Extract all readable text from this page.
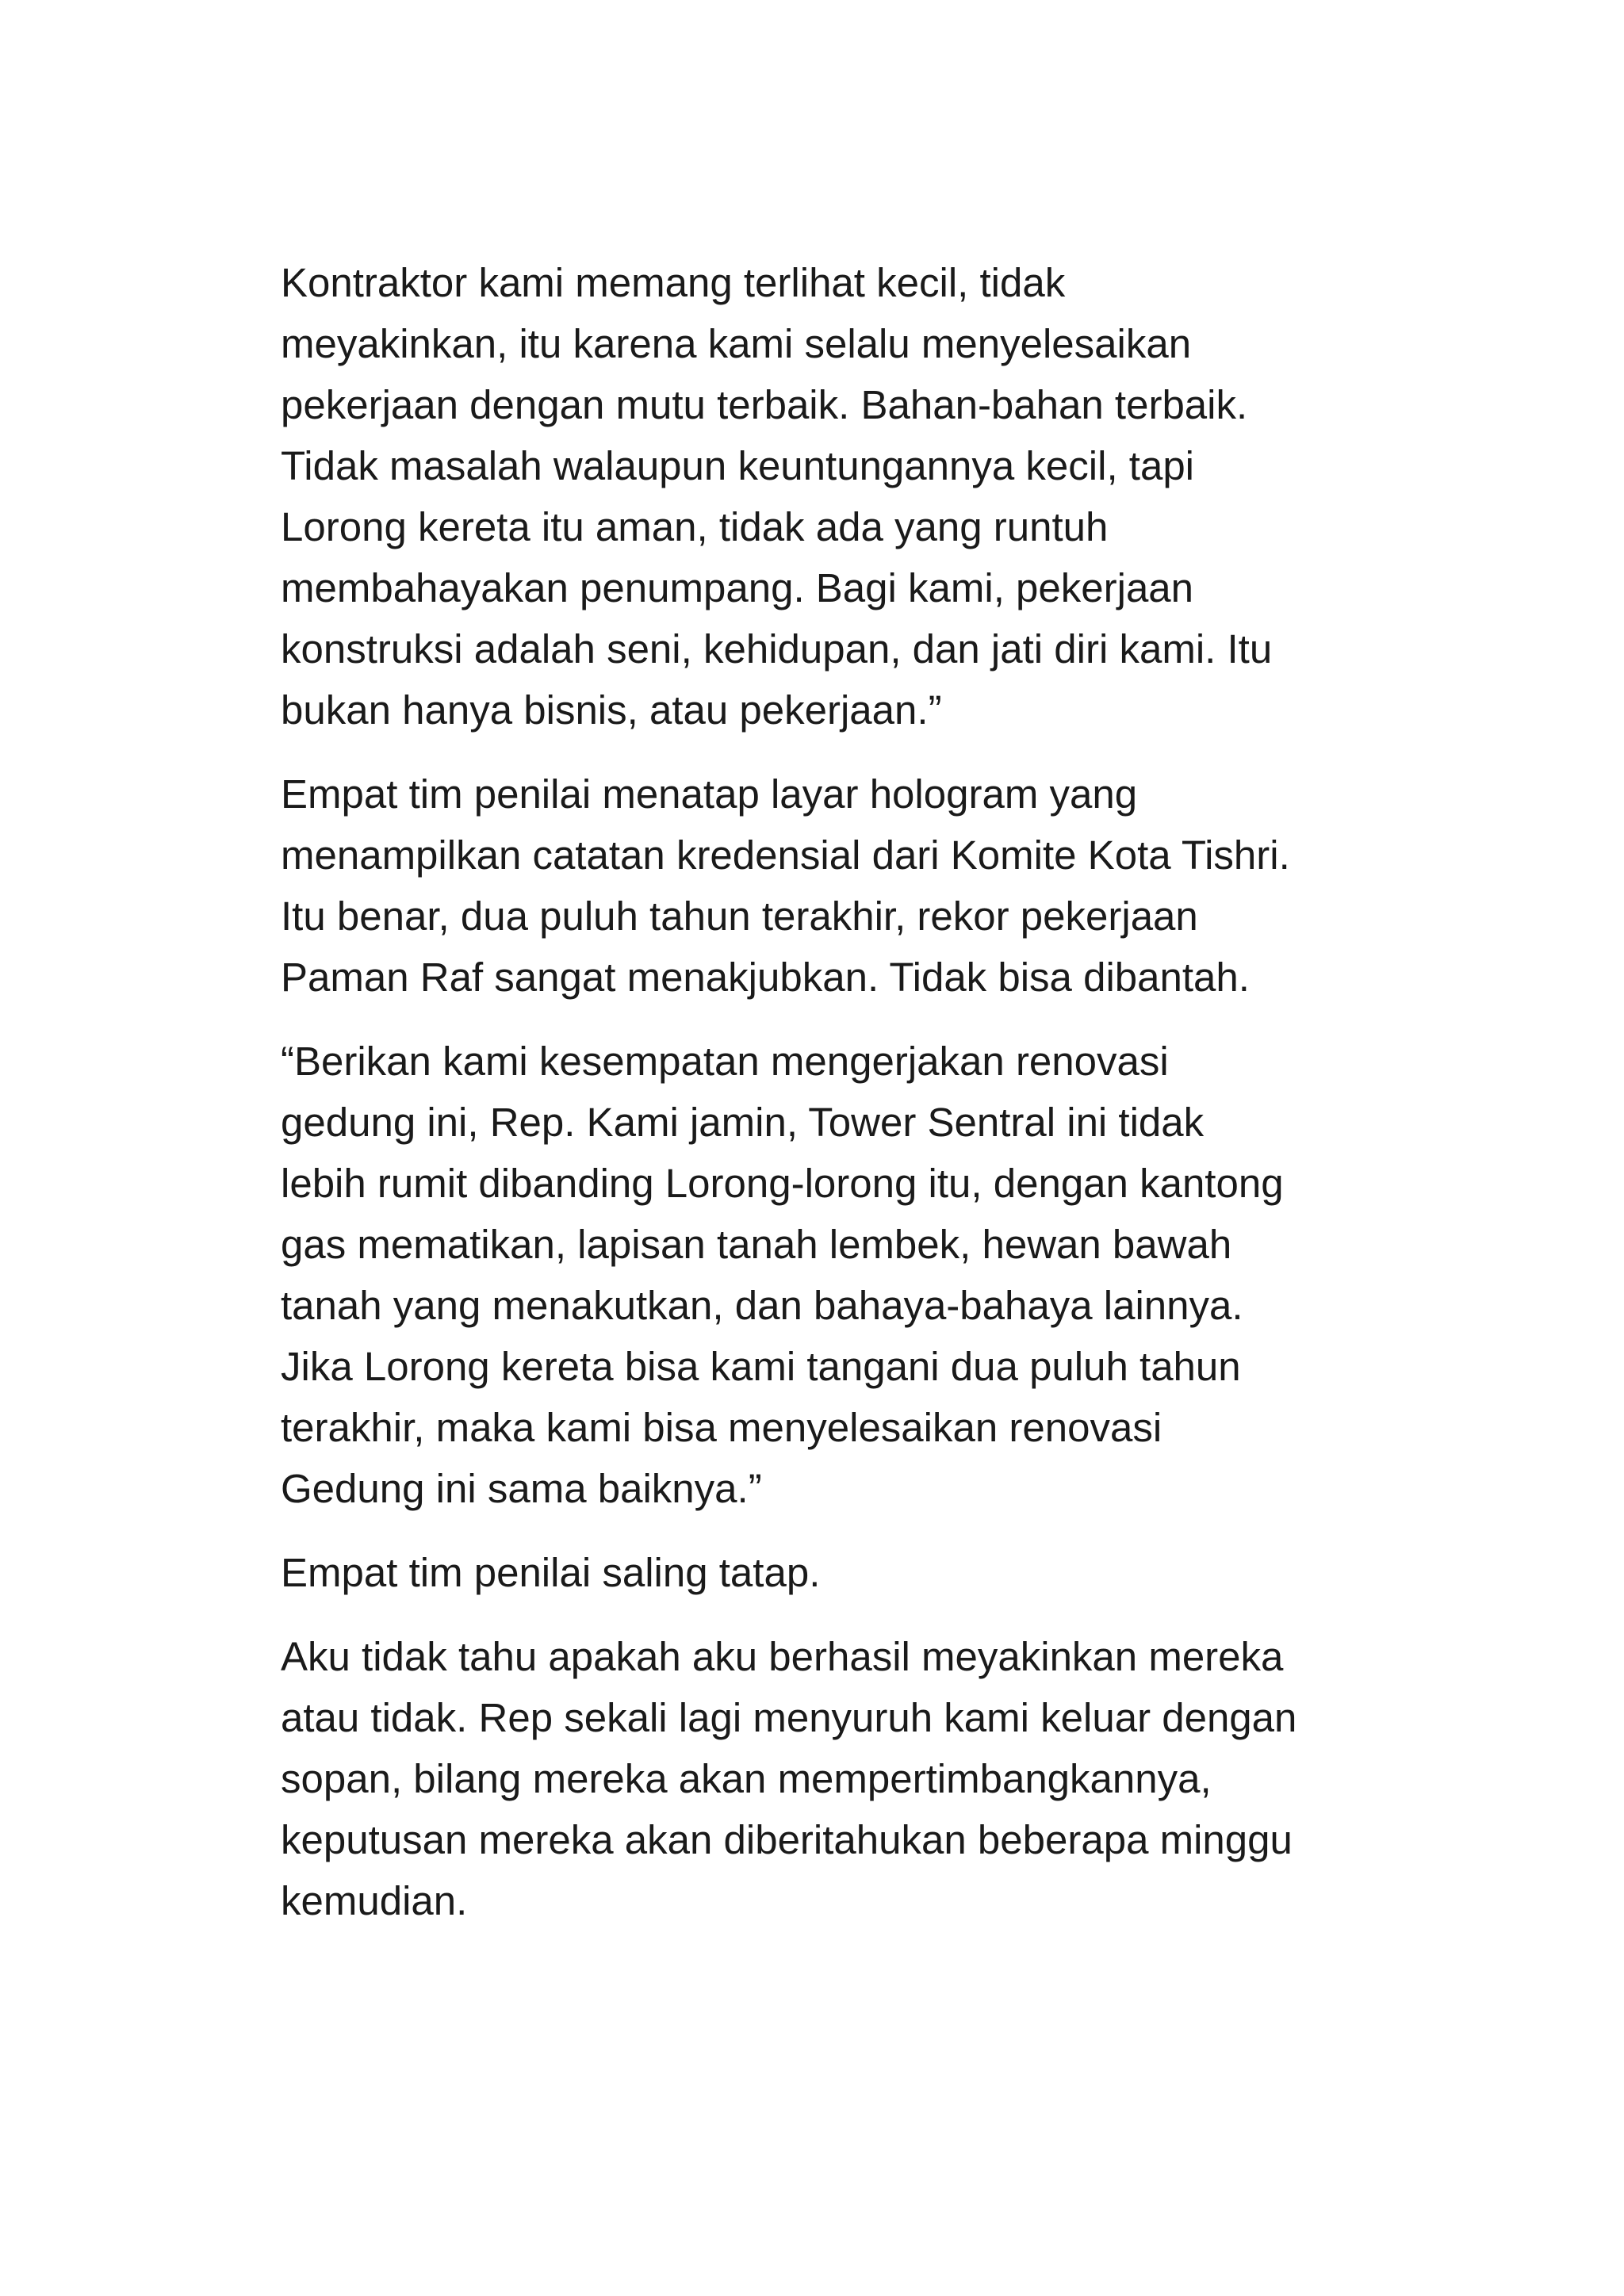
Kontraktor kami memang terlihat kecil, tidak
meyakinkan, itu karena kami selalu menyelesaikan
pekerjaan dengan mutu terbaik. Bahan-bahan terbaik.
Tidak masalah walaupun keuntungannya kecil, tapi
Lorong kereta itu aman, tidak ada yang runtuh
membahayakan penumpang. Bagi kami, pekerjaan
konstruksi adalah seni, kehidupan, dan jati diri kami. Itu
bukan hanya bisnis, atau pekerjaan.”

Empat tim penilai menatap layar hologram yang
menampilkan catatan kredensial dari Komite Kota Tishri.
Itu benar, dua puluh tahun terakhir, rekor pekerjaan
Paman Raf sangat menakjubkan. Tidak bisa dibantah.

“Berikan kami kesempatan mengerjakan renovasi
gedung ini, Rep. Kami jamin, Tower Sentral ini tidak
lebih rumit dibanding Lorong-lorong itu, dengan kantong
gas mematikan, lapisan tanah lembek, hewan bawah
tanah yang menakutkan, dan bahaya-bahaya lainnya.
Jika Lorong kereta bisa kami tangani dua puluh tahun
terakhir, maka kami bisa menyelesaikan renovasi
Gedung ini sama baiknya.”

Empat tim penilai saling tatap.

Aku tidak tahu apakah aku berhasil meyakinkan mereka
atau tidak. Rep sekali lagi menyuruh kami keluar dengan
sopan, bilang mereka akan mempertimbangkannya,
keputusan mereka akan diberitahukan beberapa minggu
kemudian.
